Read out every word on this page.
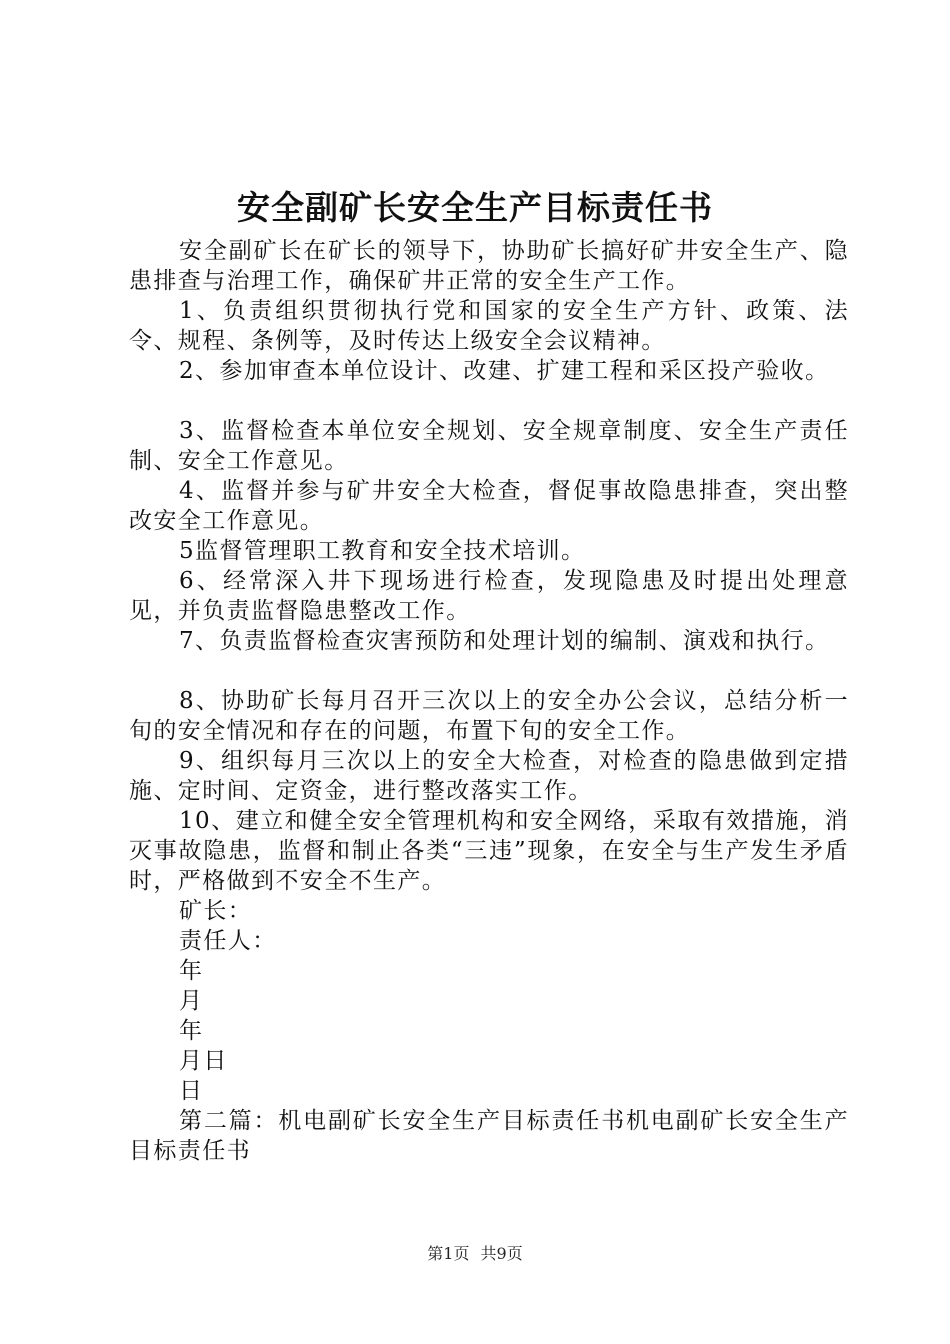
安全副矿长安全生产目标责任书

安全副矿长在矿长的领导下，协助矿长搞好矿井安全生产、隐患排查与治理工作，确保矿井正常的安全生产工作。

1、负责组织贯彻执行党和国家的安全生产方针、政策、法令、规程、条例等，及时传达上级安全会议精神。

2、参加审查本单位设计、改建、扩建工程和采区投产验收。

3、监督检查本单位安全规划、安全规章制度、安全生产责任制、安全工作意见。

4、监督并参与矿井安全大检查，督促事故隐患排查，突出整改安全工作意见。

5监督管理职工教育和安全技术培训。

6、经常深入井下现场进行检查，发现隐患及时提出处理意见，并负责监督隐患整改工作。

7、负责监督检查灾害预防和处理计划的编制、演戏和执行。

8、协助矿长每月召开三次以上的安全办公会议，总结分析一旬的安全情况和存在的问题，布置下旬的安全工作。

9、组织每月三次以上的安全大检查，对检查的隐患做到定措施、定时间、定资金，进行整改落实工作。

10、建立和健全安全管理机构和安全网络，采取有效措施，消灭事故隐患，监督和制止各类“三违”现象，在安全与生产发生矛盾时，严格做到不安全不生产。

矿长：

责任人：

年

月

年

月日

日

第二篇：机电副矿长安全生产目标责任书机电副矿长安全生产目标责任书

第1页 共9页
